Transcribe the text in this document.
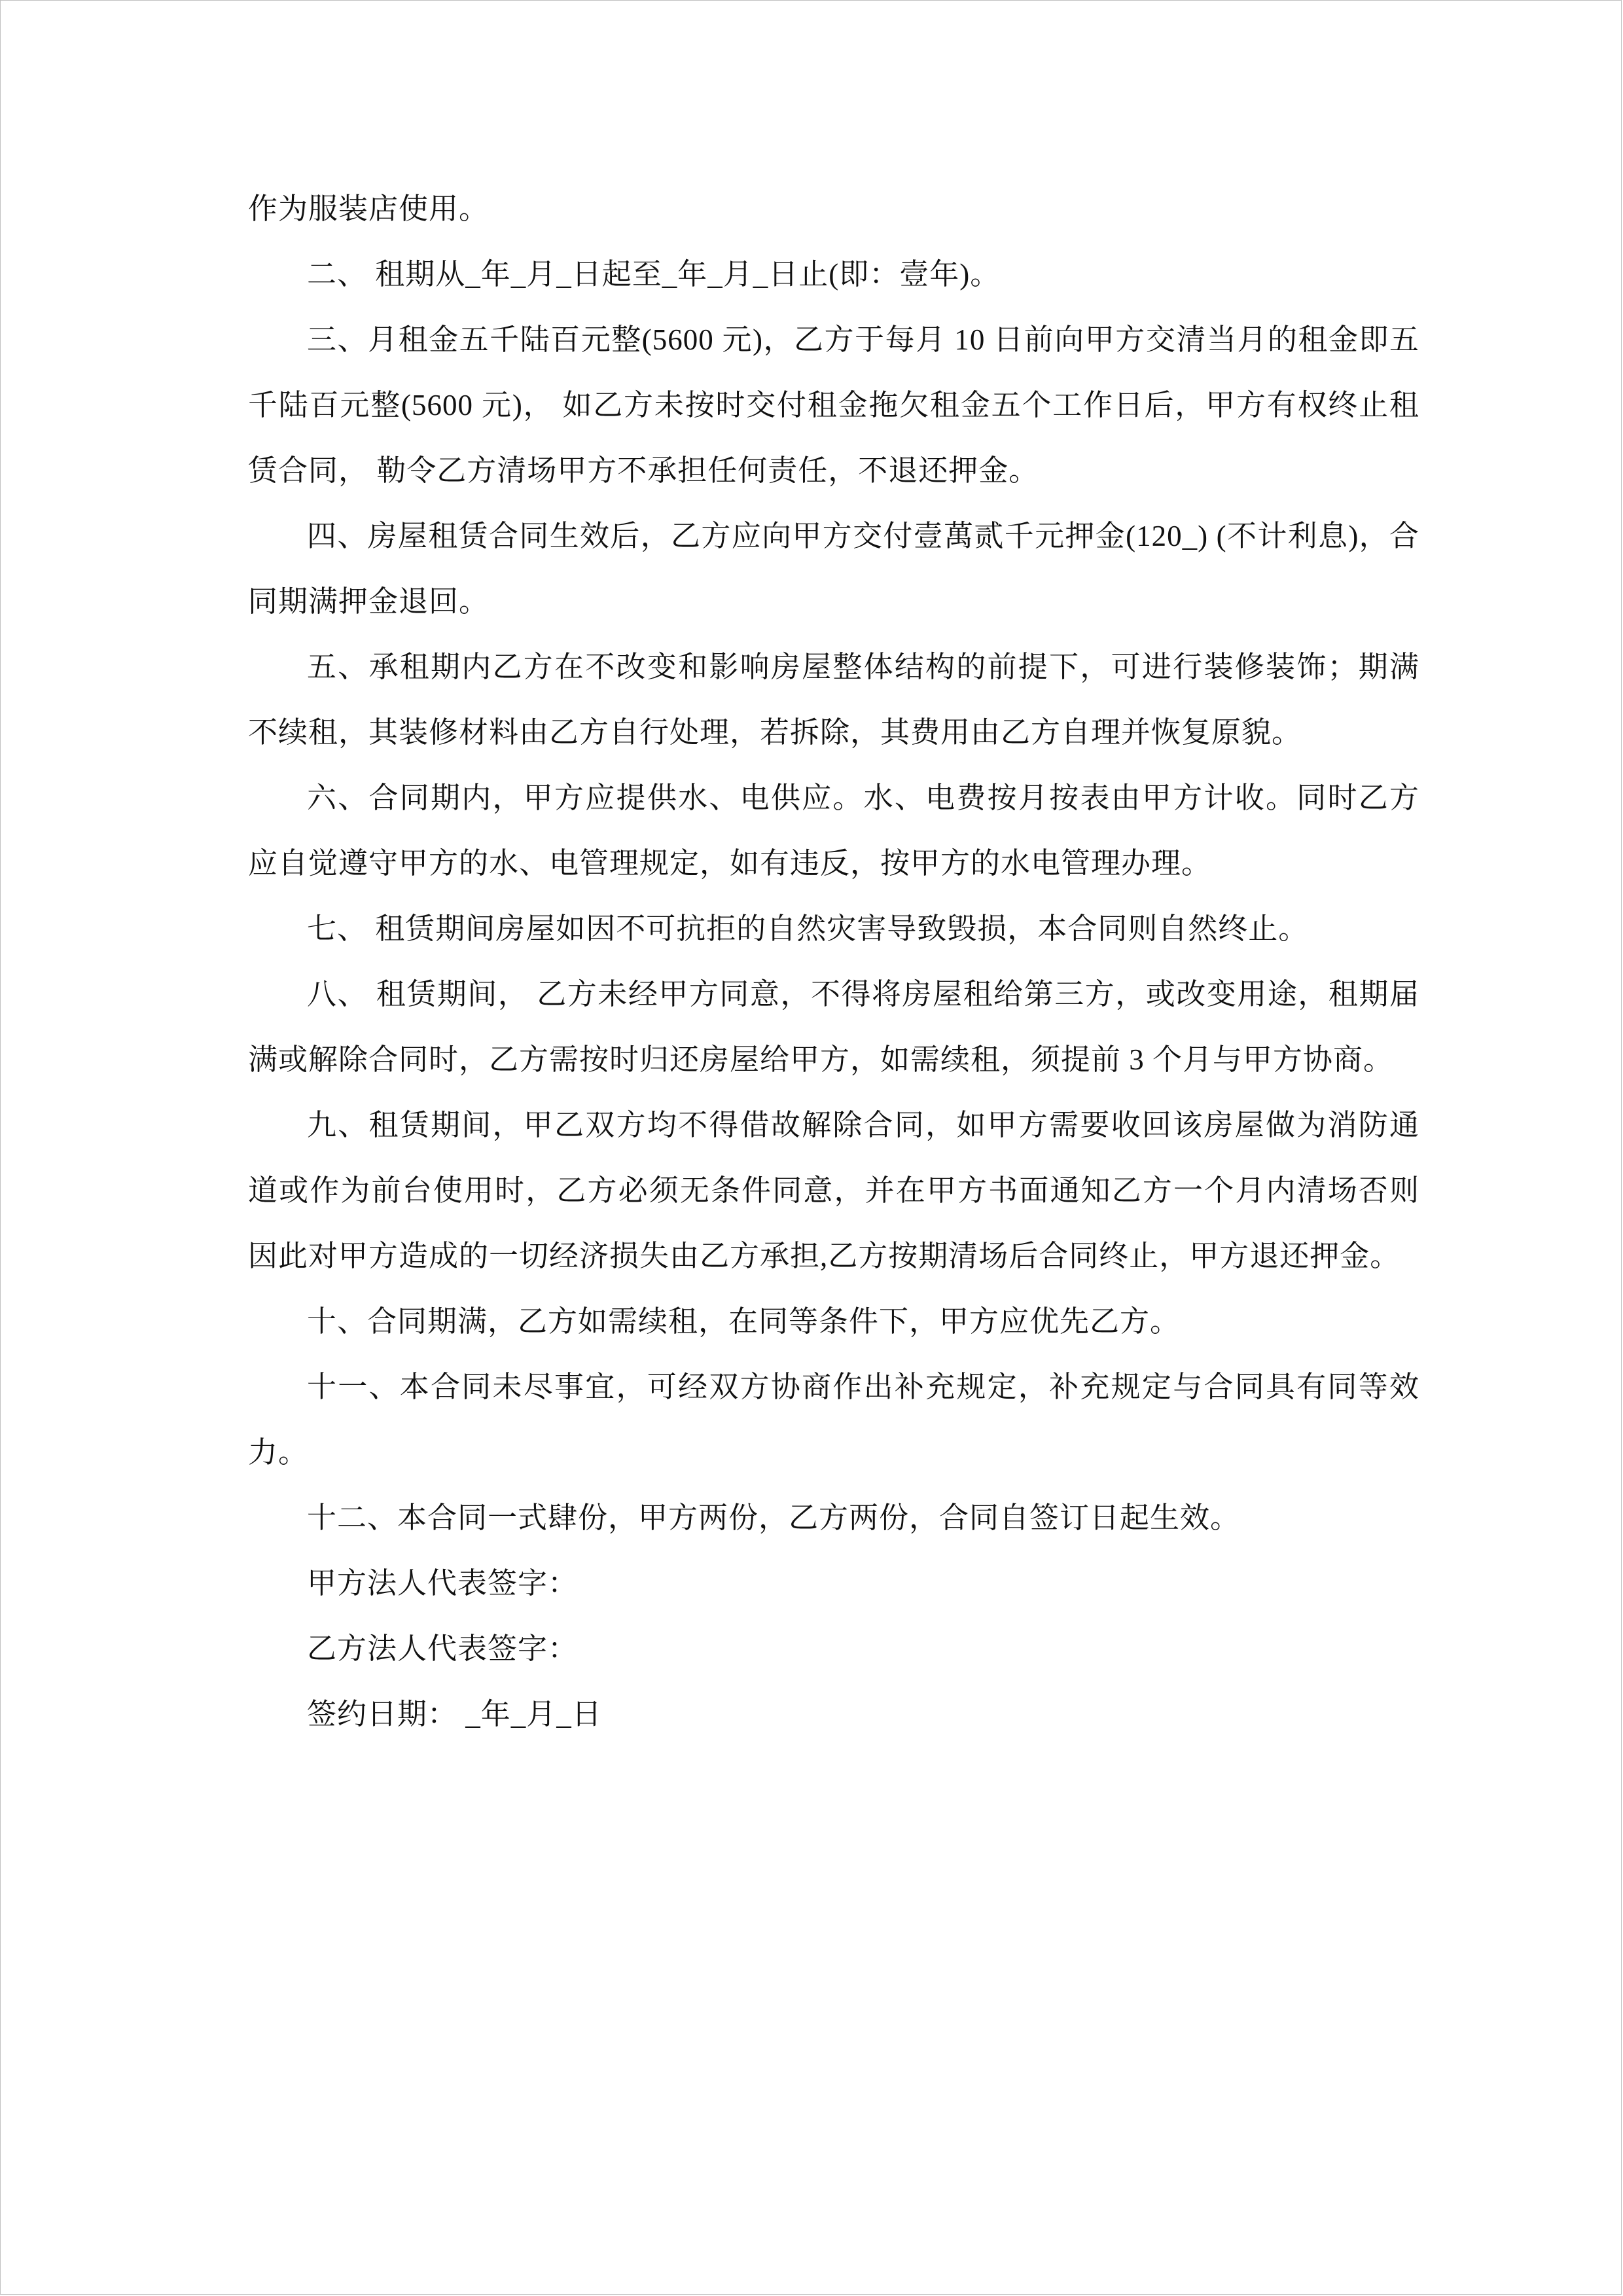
作为服装店使用。

二、 租期从_年_月_日起至_年_月_日止(即：壹年)。

三、月租金五千陆百元整(5600 元)，乙方于每月 10 日前向甲方交清当月的租金即五千陆百元整(5600 元)， 如乙方未按时交付租金拖欠租金五个工作日后，甲方有权终止租赁合同， 勒令乙方清场甲方不承担任何责任，不退还押金。

四、房屋租赁合同生效后，乙方应向甲方交付壹萬贰千元押金(120_) (不计利息)，合同期满押金退回。

五、承租期内乙方在不改变和影响房屋整体结构的前提下，可进行装修装饰；期满不续租，其装修材料由乙方自行处理，若拆除，其费用由乙方自理并恢复原貌。

六、合同期内，甲方应提供水、电供应。水、电费按月按表由甲方计收。同时乙方应自觉遵守甲方的水、电管理规定，如有违反，按甲方的水电管理办理。

七、 租赁期间房屋如因不可抗拒的自然灾害导致毁损，本合同则自然终止。

八、 租赁期间， 乙方未经甲方同意，不得将房屋租给第三方，或改变用途，租期届满或解除合同时，乙方需按时归还房屋给甲方，如需续租，须提前 3 个月与甲方协商。

九、租赁期间，甲乙双方均不得借故解除合同，如甲方需要收回该房屋做为消防通道或作为前台使用时，乙方必须无条件同意，并在甲方书面通知乙方一个月内清场否则因此对甲方造成的一切经济损失由乙方承担,乙方按期清场后合同终止，甲方退还押金。

十、合同期满，乙方如需续租，在同等条件下，甲方应优先乙方。

十一、本合同未尽事宜，可经双方协商作出补充规定，补充规定与合同具有同等效力。

十二、本合同一式肆份，甲方两份，乙方两份，合同自签订日起生效。

甲方法人代表签字：

乙方法人代表签字：

签约日期： _年_月_日
